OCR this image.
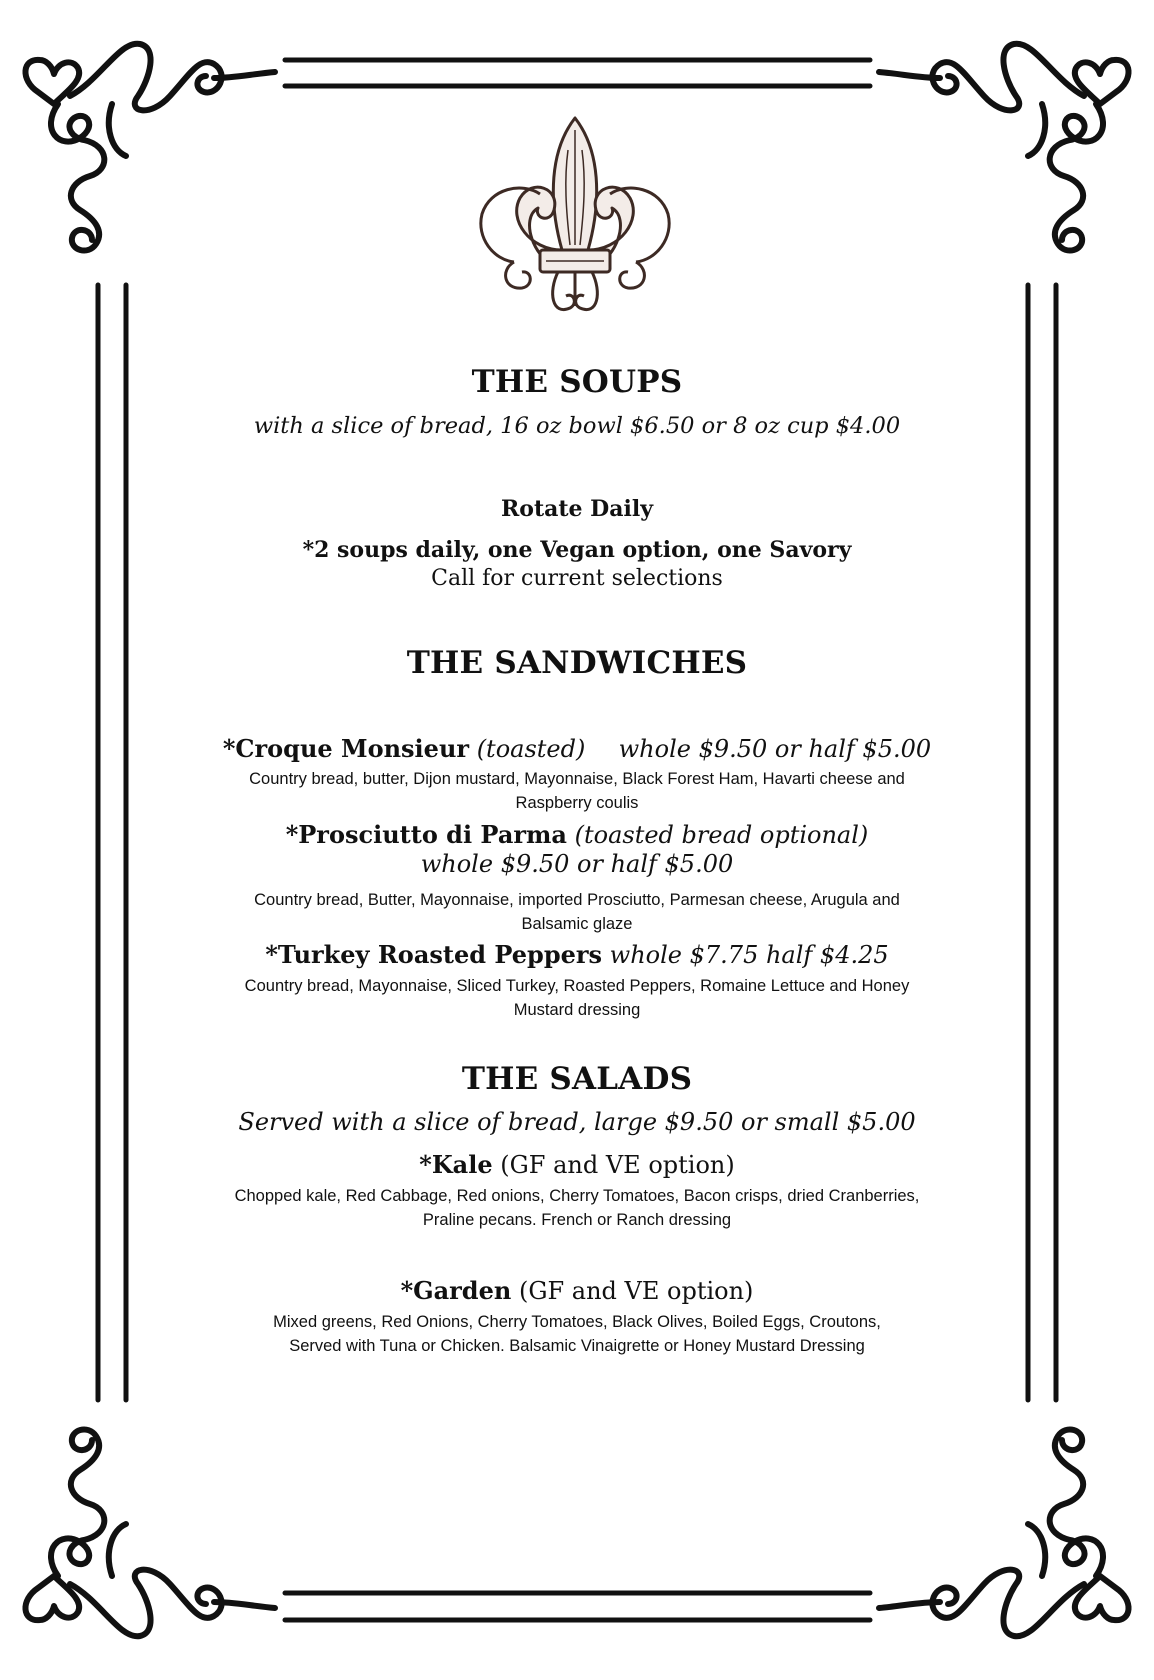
THE SOUPS
with a slice of bread, 16 oz bowl $6.50 or 8 oz cup $4.00
Rotate Daily
*2 soups daily, one Vegan option, one Savory
Call for current selections
THE SANDWICHES
*Croque Monsieur (toasted) whole $9.50 or half $5.00
Country bread, butter, Dijon mustard, Mayonnaise, Black Forest Ham, Havarti cheese and
Raspberry coulis
*Prosciutto di Parma (toasted bread optional)
whole $9.50 or half $5.00
Country bread, Butter, Mayonnaise, imported Prosciutto, Parmesan cheese, Arugula and
Balsamic glaze
*Turkey Roasted Peppers whole $7.75 half $4.25
Country bread, Mayonnaise, Sliced Turkey, Roasted Peppers, Romaine Lettuce and Honey
Mustard dressing
THE SALADS
Served with a slice of bread, large $9.50 or small $5.00
*Kale (GF and VE option)
Chopped kale, Red Cabbage, Red onions, Cherry Tomatoes, Bacon crisps, dried Cranberries,
Praline pecans. French or Ranch dressing
*Garden (GF and VE option)
Mixed greens, Red Onions, Cherry Tomatoes, Black Olives, Boiled Eggs, Croutons,
Served with Tuna or Chicken. Balsamic Vinaigrette or Honey Mustard Dressing
